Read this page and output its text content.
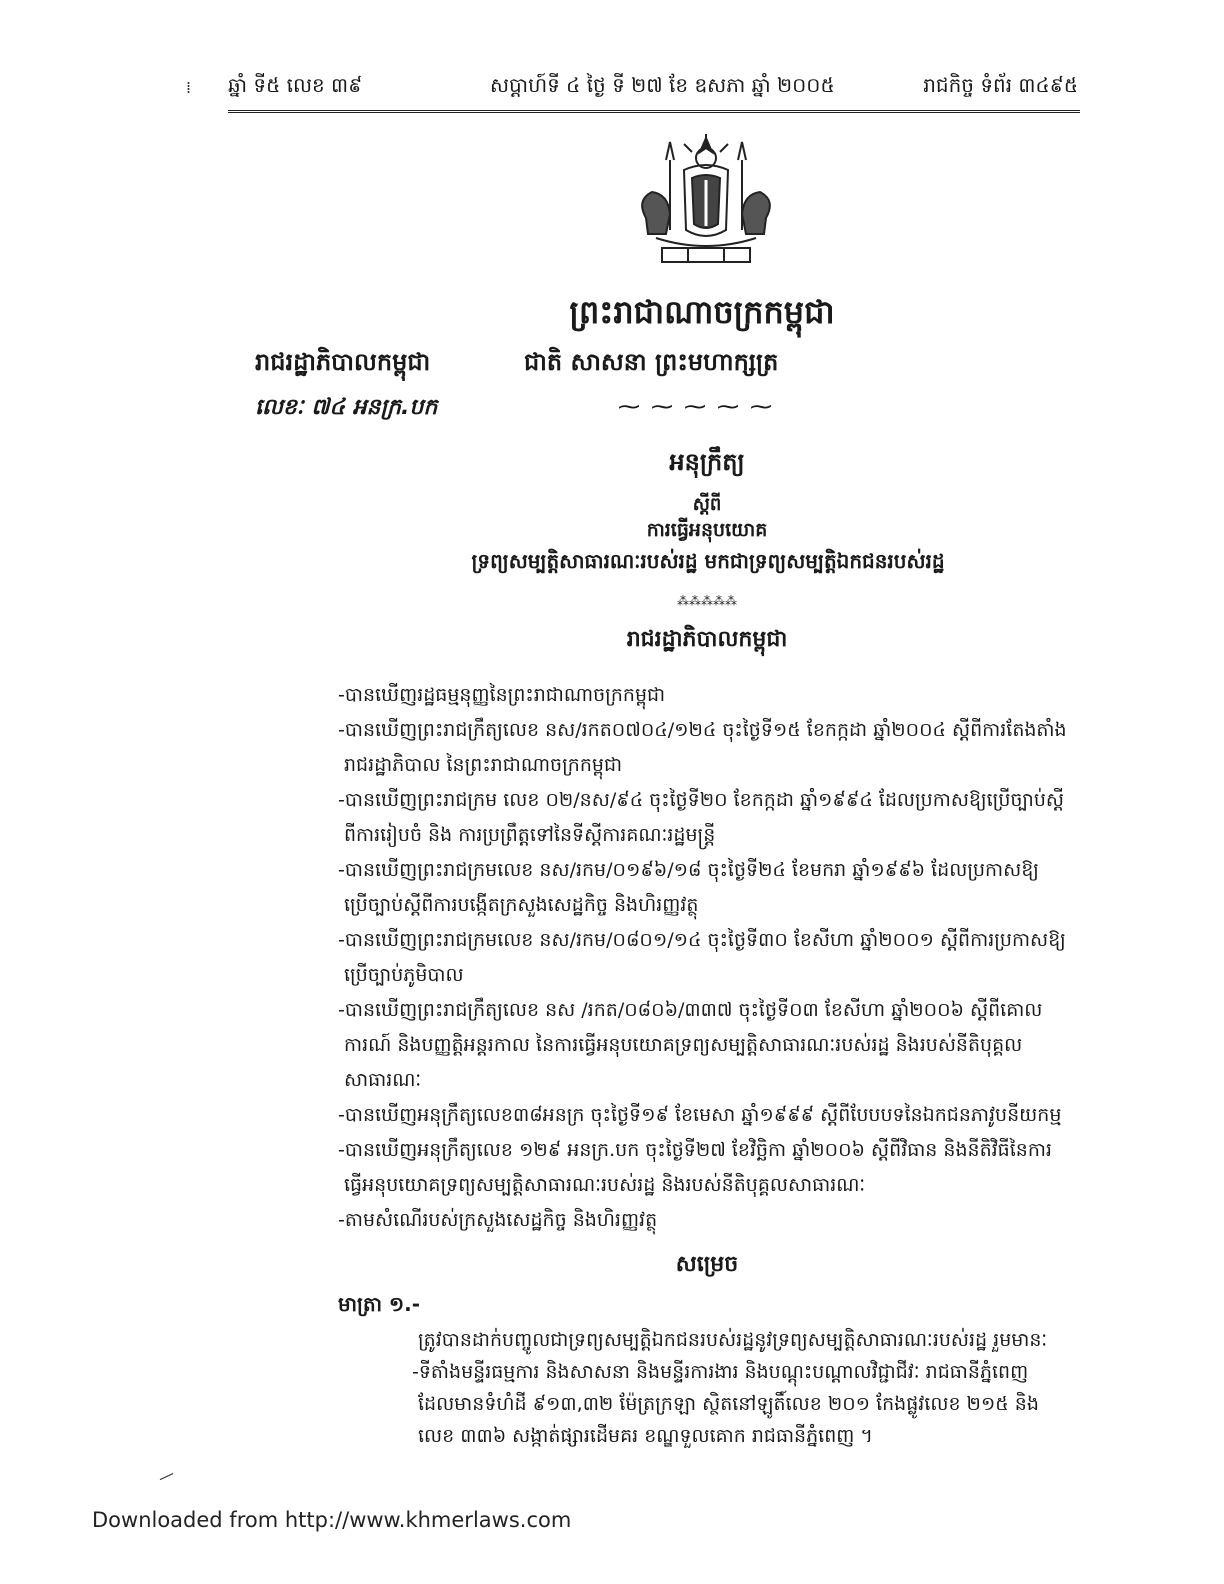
ឆ្នាំ ទី៥ លេខ ៣៩	សប្តាហ៍ទី ៤ ថ្ងៃ ទី ២៧ ខែ ឧសភា ឆ្នាំ ២០០៥	រាជកិច្ច ទំព័រ ៣៤៩៥
ព្រះរាជាណាចក្រកម្ពុជា
រាជរដ្ឋាភិបាលកម្ពុជា	ជាតិ សាសនា ព្រះមហាក្សត្រ
លេខៈ ៧៤ អនក្រ.បក	⁓ ⁓ ⁓ ⁓ ⁓
អនុក្រឹត្យ
ស្តីពី
ការធ្វើអនុបយោគ
ទ្រព្យសម្បត្តិសាធារណៈរបស់រដ្ឋ មកជាទ្រព្យសម្បត្តិឯកជនរបស់រដ្ឋ
⁂⁂⁂⁂⁂
រាជរដ្ឋាភិបាលកម្ពុជា
-បានឃើញរដ្ឋធម្មនុញ្ញនៃព្រះរាជាណាចក្រកម្ពុជា
-បានឃើញព្រះរាជក្រឹត្យលេខ នស/រកត០៧០៤/១២៤ ចុះថ្ងៃទី១៥ ខែកក្កដា ឆ្នាំ២០០៤ ស្តីពីការតែងតាំង
រាជរដ្ឋាភិបាល នៃព្រះរាជាណាចក្រកម្ពុជា
-បានឃើញព្រះរាជក្រម លេខ ០២/នស/៩៤ ចុះថ្ងៃទី២០ ខែកក្កដា ឆ្នាំ១៩៩៤ ដែលប្រកាសឱ្យប្រើច្បាប់ស្តី
ពីការរៀបចំ និង ការប្រព្រឹត្តទៅនៃទីស្តីការគណៈរដ្ឋមន្ត្រី
-បានឃើញព្រះរាជក្រមលេខ នស/រកម/០១៩៦/១៨ ចុះថ្ងៃទី២៤ ខែមករា ឆ្នាំ១៩៩៦ ដែលប្រកាសឱ្យ
ប្រើច្បាប់ស្តីពីការបង្កើតក្រសួងសេដ្ឋកិច្ច និងហិរញ្ញវត្ថុ
-បានឃើញព្រះរាជក្រមលេខ នស/រកម/០៨០១/១៤ ចុះថ្ងៃទី៣០ ខែសីហា ឆ្នាំ២០០១ ស្តីពីការប្រកាសឱ្យ
ប្រើច្បាប់ភូមិបាល
-បានឃើញព្រះរាជក្រឹត្យលេខ នស /រកត/០៨០៦/៣៣៧ ចុះថ្ងៃទី០៣ ខែសីហា ឆ្នាំ២០០៦ ស្តីពីគោល
ការណ៍ និងបញ្ញត្តិអន្តរកាល នៃការធ្វើអនុបយោគទ្រព្យសម្បត្តិសាធារណៈរបស់រដ្ឋ និងរបស់នីតិបុគ្គល
សាធារណៈ
-បានឃើញអនុក្រឹត្យលេខ៣៨អនក្រ ចុះថ្ងៃទី១៩ ខែមេសា ឆ្នាំ១៩៩៩ ស្តីពីបែបបទនៃឯកជនភាវូបនីយកម្ម
-បានឃើញអនុក្រឹត្យលេខ ១២៩ អនក្រ.បក ចុះថ្ងៃទី២៧ ខែវិច្ឆិកា ឆ្នាំ២០០៦ ស្តីពីវិធាន និងនីតិវិធីនៃការ
ធ្វើអនុបយោគទ្រព្យសម្បត្តិសាធារណៈរបស់រដ្ឋ និងរបស់នីតិបុគ្គលសាធារណៈ
-តាមសំណើរបស់ក្រសួងសេដ្ឋកិច្ច និងហិរញ្ញវត្ថុ
សម្រេច
មាត្រា ១.-

ត្រូវបានដាក់បញ្ចូលជាទ្រព្យសម្បត្តិឯកជនរបស់រដ្ឋនូវទ្រព្យសម្បត្តិសាធារណៈរបស់រដ្ឋ រួមមានៈ

-ទីតាំងមន្ទីរធម្មការ និងសាសនា និងមន្ទីរការងារ និងបណ្តុះបណ្តាលវិជ្ជាជីវៈ រាជធានីភ្នំពេញ

ដែលមានទំហំដី ៩១៣,៣២ ម៉ែត្រក្រឡា ស្ថិតនៅឡូតិ៍លេខ ២០១ កែងផ្លូវលេខ ២១៥ និង

លេខ ៣៣៦ សង្កាត់ផ្សារដើមគរ ខណ្ឌទួលគោក រាជធានីភ្នំពេញ ។

⁞
—
Downloaded from http://www.khmerlaws.com
